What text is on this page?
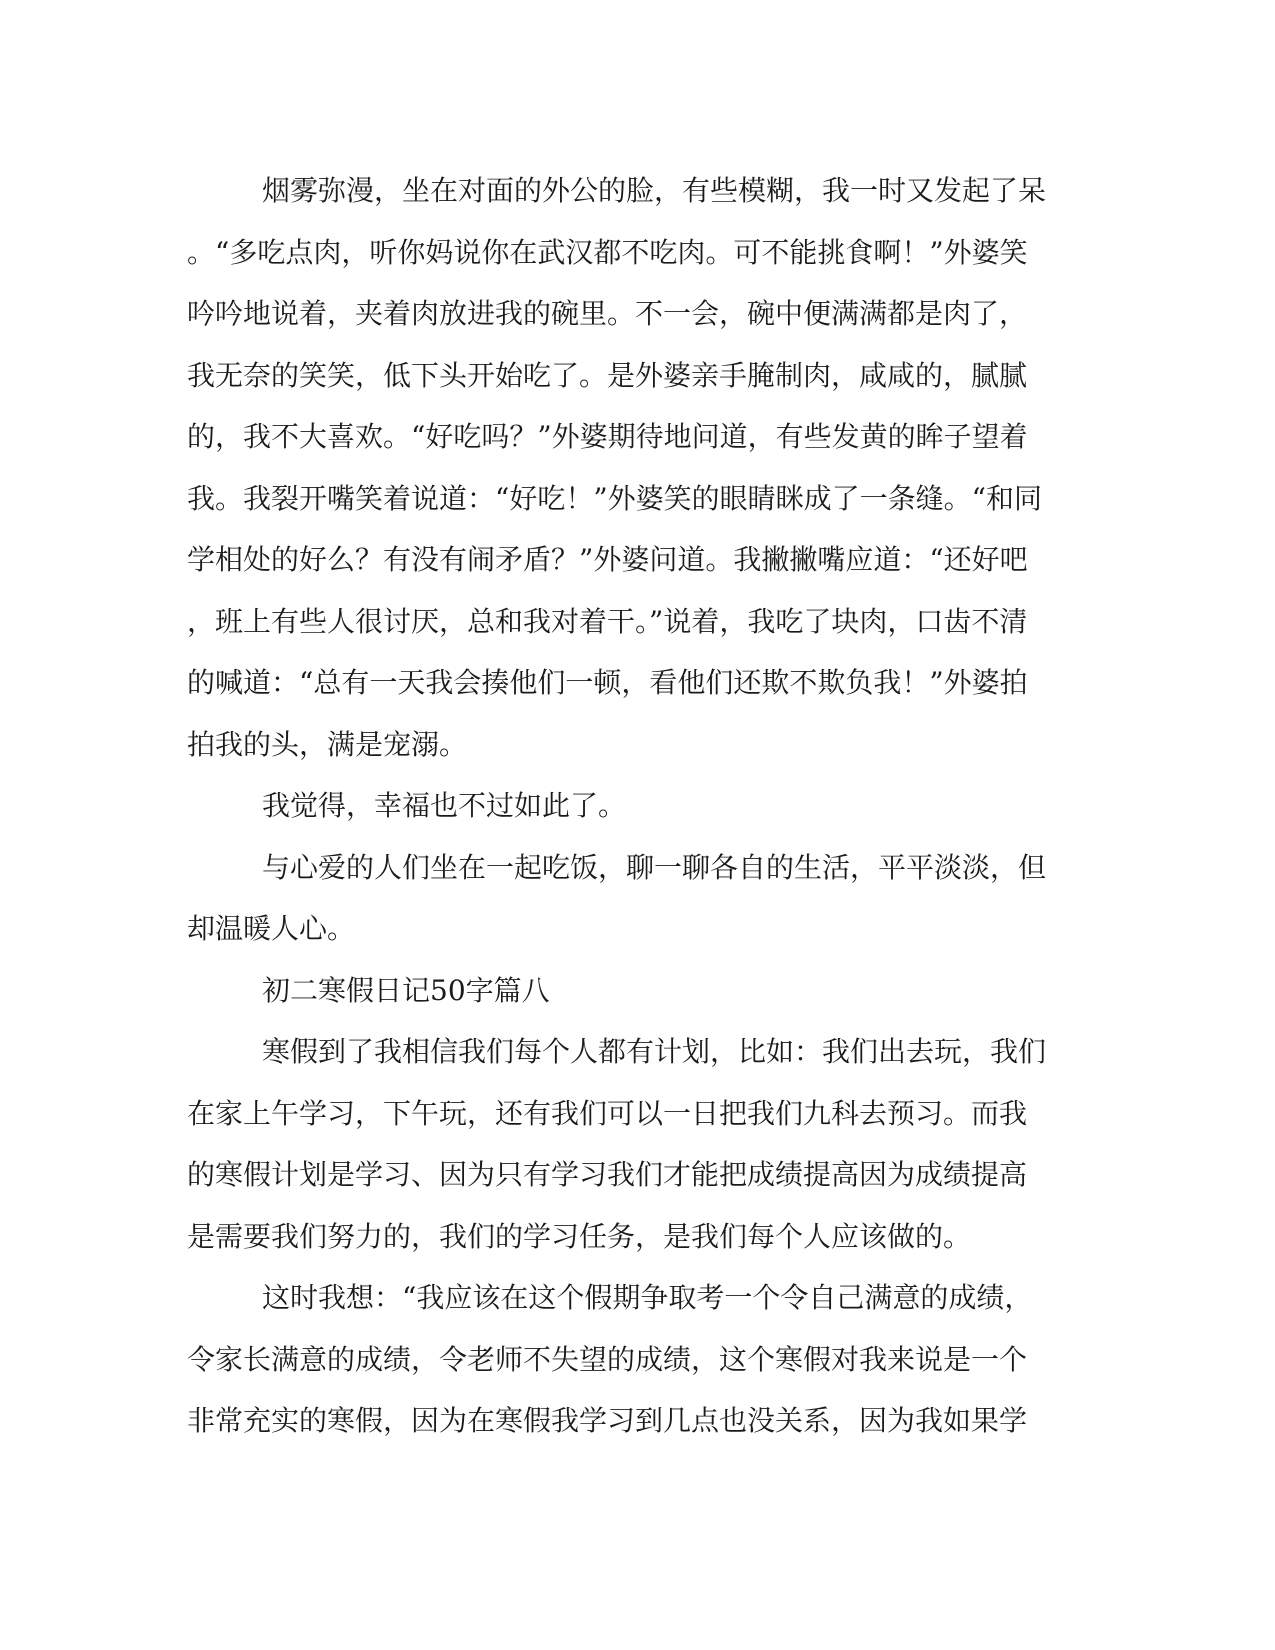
烟雾弥漫，坐在对面的外公的脸，有些模糊，我一时又发起了呆
。“多吃点肉，听你妈说你在武汉都不吃肉。可不能挑食啊！”外婆笑
吟吟地说着，夹着肉放进我的碗里。不一会，碗中便满满都是肉了，
我无奈的笑笑，低下头开始吃了。是外婆亲手腌制肉，咸咸的，腻腻
的，我不大喜欢。“好吃吗？”外婆期待地问道，有些发黄的眸子望着
我。我裂开嘴笑着说道：“好吃！”外婆笑的眼睛眯成了一条缝。“和同
学相处的好么？有没有闹矛盾？”外婆问道。我撇撇嘴应道：“还好吧
，班上有些人很讨厌，总和我对着干。”说着，我吃了块肉，口齿不清
的喊道：“总有一天我会揍他们一顿，看他们还欺不欺负我！”外婆拍
拍我的头，满是宠溺。
我觉得，幸福也不过如此了。
与心爱的人们坐在一起吃饭，聊一聊各自的生活，平平淡淡，但
却温暖人心。
初二寒假日记50字篇八
寒假到了我相信我们每个人都有计划，比如：我们出去玩，我们
在家上午学习，下午玩，还有我们可以一日把我们九科去预习。而我
的寒假计划是学习、因为只有学习我们才能把成绩提高因为成绩提高
是需要我们努力的，我们的学习任务，是我们每个人应该做的。
这时我想：“我应该在这个假期争取考一个令自己满意的成绩，
令家长满意的成绩，令老师不失望的成绩，这个寒假对我来说是一个
非常充实的寒假，因为在寒假我学习到几点也没关系，因为我如果学
